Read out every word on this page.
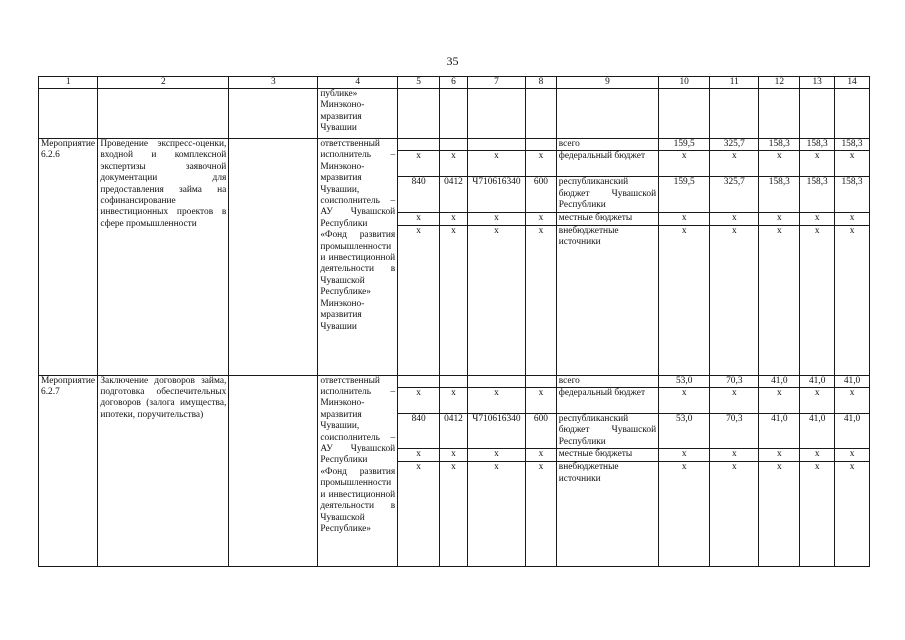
35
1	2	3	4	5	6	7	8	9	10	11	12	13	14
			публике» Минэконо-мразвития Чувашии										
Мероприятие 6.2.6	Проведение экспресс-оценки, входной и комплексной экспертизы заявочной документации для предоставления займа на софинансирование инвестиционных проектов в сфере промышленности		ответственный исполнитель – Минэконо-мразвития Чувашии, соисполнитель – АУ Чувашской Республики «Фонд развития промышленности и инвестиционной деятельности в Чувашской Республике» Минэконо-мразвития Чувашии					всего	159,5	325,7	158,3	158,3	158,3
				x	x	x	x	федеральный бюджет	x	x	x	x	x
				840	0412	Ч710616340	600	республиканский бюджет Чувашской Республики	159,5	325,7	158,3	158,3	158,3
				x	x	x	x	местные бюджеты	x	x	x	x	x
				x	x	x	x	внебюджетные источники	x	x	x	x	x
Мероприятие 6.2.7	Заключение договоров займа, подготовка обеспечительных договоров (залога имущества, ипотеки, поручительства)		ответственный исполнитель – Минэконо-мразвития Чувашии, соисполнитель – АУ Чувашской Республики «Фонд развития промышленности и инвестиционной деятельности в Чувашской Республике»					всего	53,0	70,3	41,0	41,0	41,0
				x	x	x	x	федеральный бюджет	x	x	x	x	x
				840	0412	Ч710616340	600	республиканский бюджет Чувашской Республики	53,0	70,3	41,0	41,0	41,0
				x	x	x	x	местные бюджеты	x	x	x	x	x
				x	x	x	x	внебюджетные источники	x	x	x	x	x
